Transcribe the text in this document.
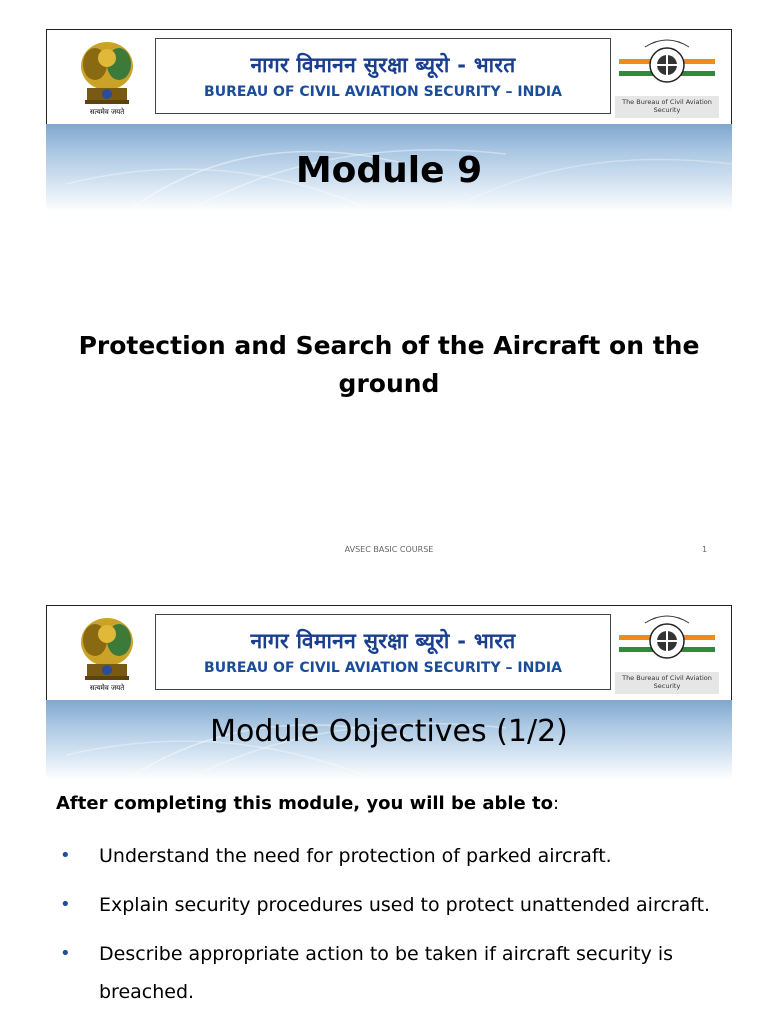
सत्यमेव जयते
नागर विमानन सुरक्षा ब्यूरो - भारत
BUREAU OF CIVIL AVIATION SECURITY – INDIA
The Bureau of Civil Aviation Security
Module 9
Protection and Search of the Aircraft on the
ground
AVSEC BASIC COURSE	1
सत्यमेव जयते
नागर विमानन सुरक्षा ब्यूरो - भारत
BUREAU OF CIVIL AVIATION SECURITY – INDIA
The Bureau of Civil Aviation Security
Module Objectives (1/2)
After completing this module, you will be able to:
• Understand the need for protection of parked aircraft.
• Explain security procedures used to protect unattended aircraft.
• Describe appropriate action to be taken if aircraft security is breached.
